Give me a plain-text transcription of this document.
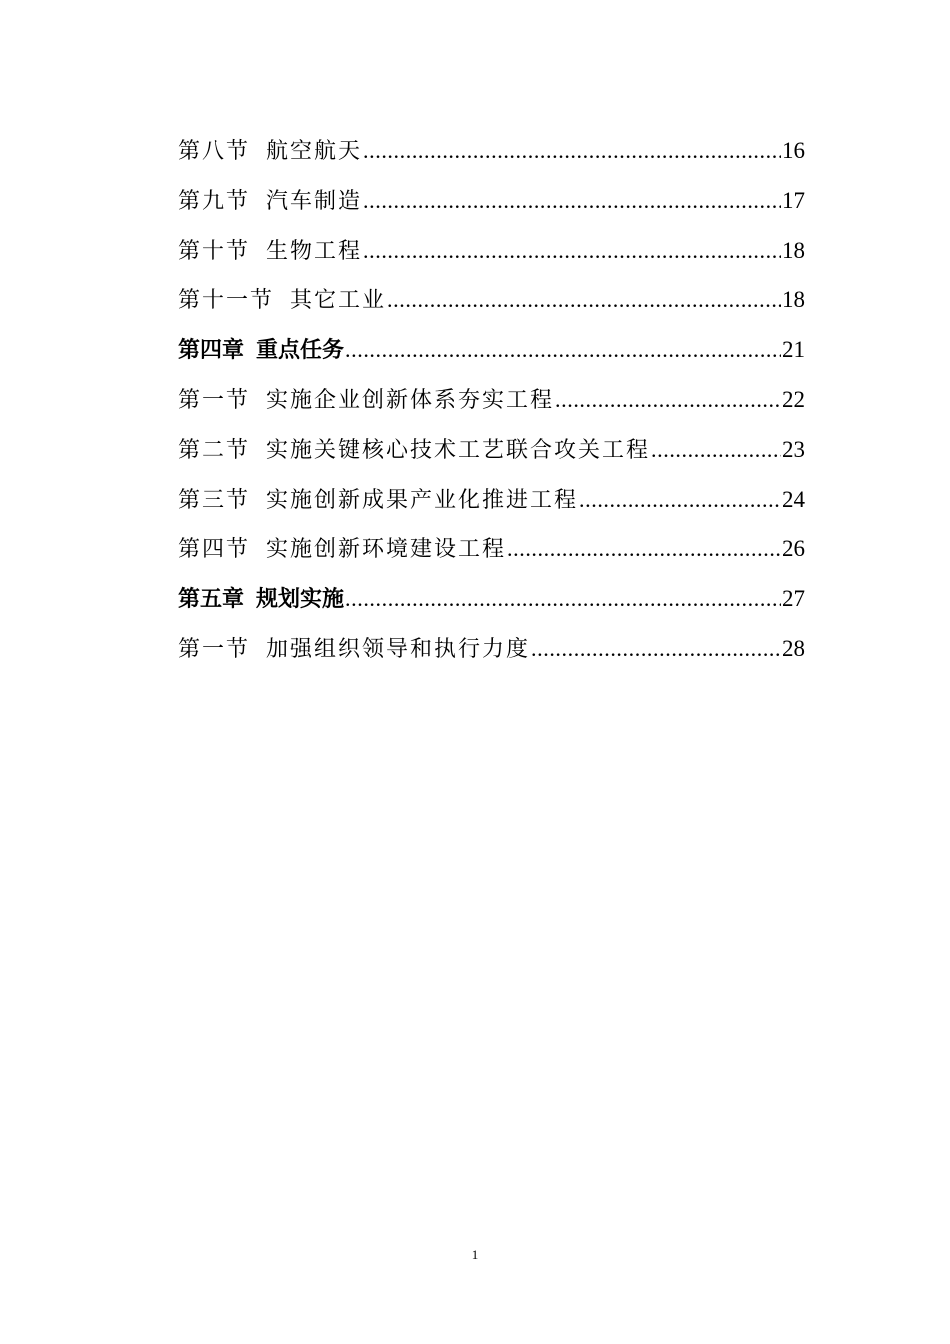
第八节 航空航天 .....	16
第九节 汽车制造 .....	17
第十节 生物工程 .....	18
第十一节 其它工业 .....	18
第四章 重点任务 .....	21
第一节 实施企业创新体系夯实工程 .....	22
第二节 实施关键核心技术工艺联合攻关工程 .....	23
第三节 实施创新成果产业化推进工程 .....	24
第四节 实施创新环境建设工程 .....	26
第五章 规划实施 .....	27
第一节 加强组织领导和执行力度 .....	28
1
